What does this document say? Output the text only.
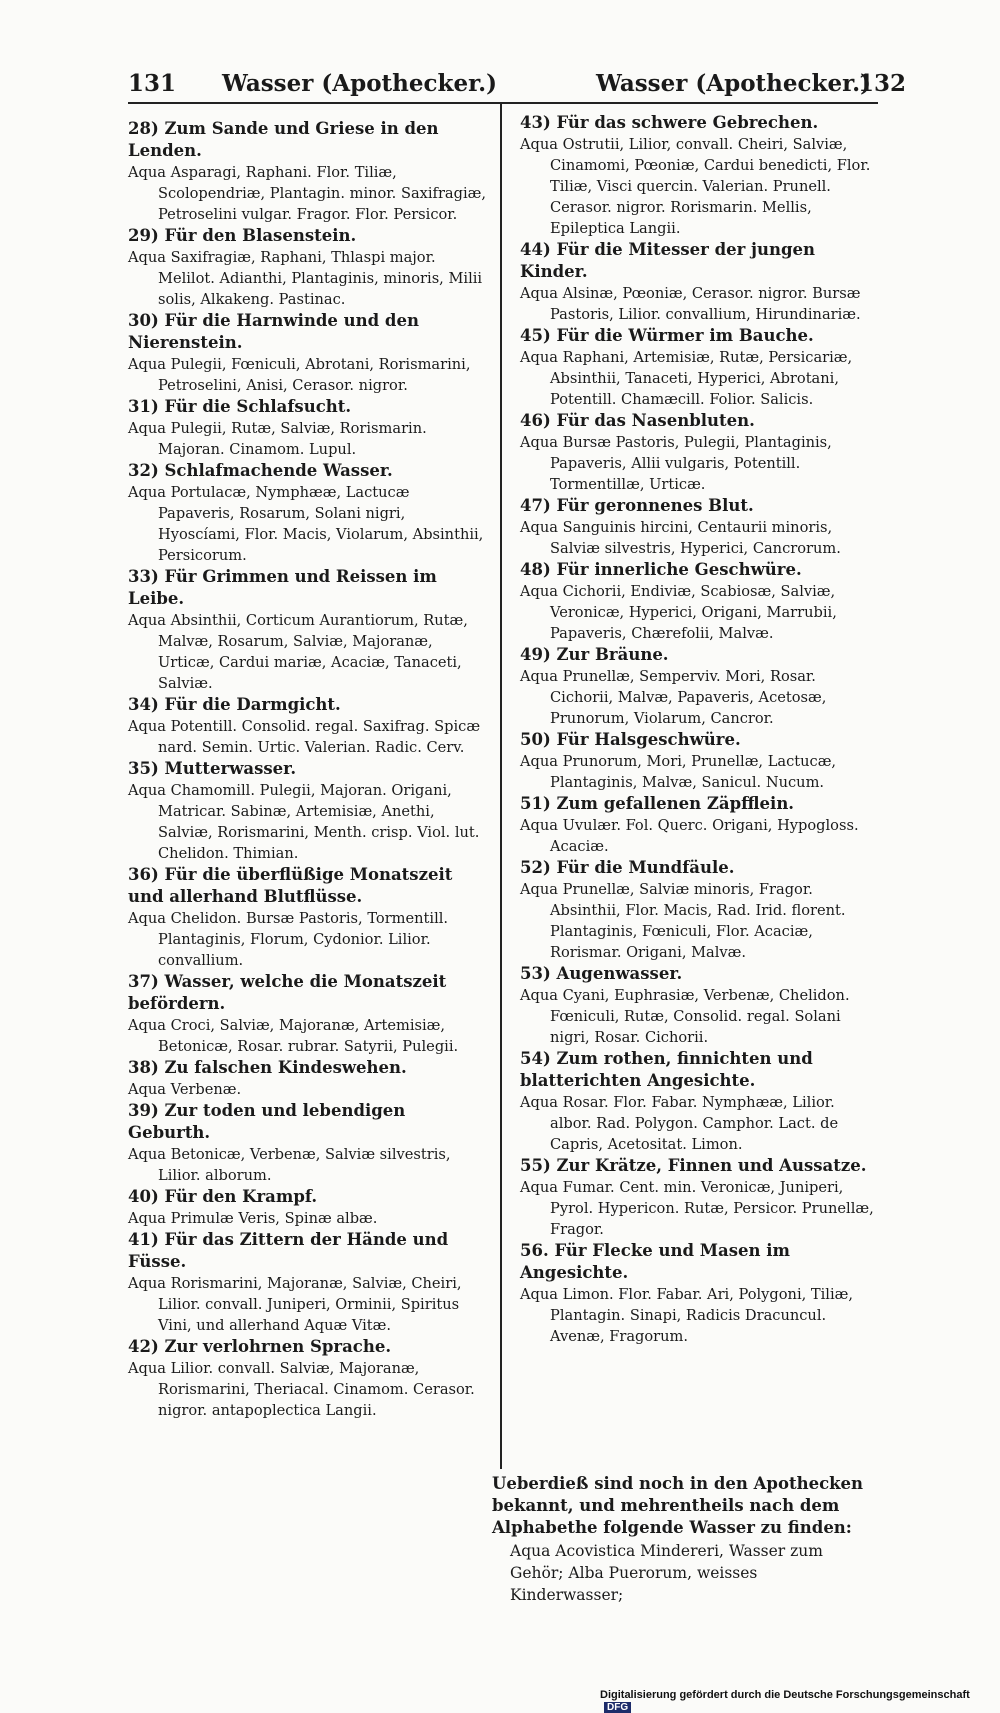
131 Wasser (Apothecker.)	Wasser (Apothecker.)
132
28) Zum Sande und Griese in den Lenden.
Aqua Asparagi, Raphani. Flor. Tiliæ, Scolopendriæ, Plantagin. minor. Saxifragiæ, Petroselini vulgar. Fragor. Flor. Persicor.
29) Für den Blasenstein.
Aqua Saxifragiæ, Raphani, Thlaspi major. Melilot. Adianthi, Plantaginis, minoris, Milii solis, Alkakeng. Pastinac.
30) Für die Harnwinde und den Nierenstein.
Aqua Pulegii, Fœniculi, Abrotani, Rorismarini, Petroselini, Anisi, Cerasor. nigror.
31) Für die Schlafsucht.
Aqua Pulegii, Rutæ, Salviæ, Rorismarin. Majoran. Cinamom. Lupul.
32) Schlafmachende Wasser.
Aqua Portulacæ, Nymphææ, Lactucæ Papaveris, Rosarum, Solani nigri, Hyoscíami, Flor. Macis, Violarum, Absinthii, Persicorum.
33) Für Grimmen und Reissen im Leibe.
Aqua Absinthii, Corticum Aurantiorum, Rutæ, Malvæ, Rosarum, Salviæ, Majoranæ, Urticæ, Cardui mariæ, Acaciæ, Tanaceti, Salviæ.
34) Für die Darmgicht.
Aqua Potentill. Consolid. regal. Saxifrag. Spicæ nard. Semin. Urtic. Valerian. Radic. Cerv.
35) Mutterwasser.
Aqua Chamomill. Pulegii, Majoran. Origani, Matricar. Sabinæ, Artemisiæ, Anethi, Salviæ, Rorismarini, Menth. crisp. Viol. lut. Chelidon. Thimian.
36) Für die überflüßige Monatszeit und allerhand Blutflüsse.
Aqua Chelidon. Bursæ Pastoris, Tormentill. Plantaginis, Florum, Cydonior. Lilior. convallium.
37) Wasser, welche die Monatszeit befördern.
Aqua Croci, Salviæ, Majoranæ, Artemisiæ, Betonicæ, Rosar. rubrar. Satyrii, Pulegii.
38) Zu falschen Kindeswehen.
Aqua Verbenæ.
39) Zur toden und lebendigen Geburth.
Aqua Betonicæ, Verbenæ, Salviæ silvestris, Lilior. alborum.
40) Für den Krampf.
Aqua Primulæ Veris, Spinæ albæ.
41) Für das Zittern der Hände und Füsse.
Aqua Rorismarini, Majoranæ, Salviæ, Cheiri, Lilior. convall. Juniperi, Orminii, Spiritus Vini, und allerhand Aquæ Vitæ.
42) Zur verlohrnen Sprache.
Aqua Lilior. convall. Salviæ, Majoranæ, Rorismarini, Theriacal. Cinamom. Cerasor. nigror. antapoplectica Langii.
43) Für das schwere Gebrechen.
Aqua Ostrutii, Lilior, convall. Cheiri, Salviæ, Cinamomi, Pœoniæ, Cardui benedicti, Flor. Tiliæ, Visci quercin. Valerian. Prunell. Cerasor. nigror. Rorismarin. Mellis, Epileptica Langii.
44) Für die Mitesser der jungen Kinder.
Aqua Alsinæ, Pœoniæ, Cerasor. nigror. Bursæ Pastoris, Lilior. convallium, Hirundinariæ.
45) Für die Würmer im Bauche.
Aqua Raphani, Artemisiæ, Rutæ, Persicariæ, Absinthii, Tanaceti, Hyperici, Abrotani, Potentill. Chamæcill. Folior. Salicis.
46) Für das Nasenbluten.
Aqua Bursæ Pastoris, Pulegii, Plantaginis, Papaveris, Allii vulgaris, Potentill. Tormentillæ, Urticæ.
47) Für geronnenes Blut.
Aqua Sanguinis hircini, Centaurii minoris, Salviæ silvestris, Hyperici, Cancrorum.
48) Für innerliche Geschwüre.
Aqua Cichorii, Endiviæ, Scabiosæ, Salviæ, Veronicæ, Hyperici, Origani, Marrubii, Papaveris, Chærefolii, Malvæ.
49) Zur Bräune.
Aqua Prunellæ, Semperviv. Mori, Rosar. Cichorii, Malvæ, Papaveris, Acetosæ, Prunorum, Violarum, Cancror.
50) Für Halsgeschwüre.
Aqua Prunorum, Mori, Prunellæ, Lactucæ, Plantaginis, Malvæ, Sanicul. Nucum.
51) Zum gefallenen Zäpfflein.
Aqua Uvulær. Fol. Querc. Origani, Hypogloss. Acaciæ.
52) Für die Mundfäule.
Aqua Prunellæ, Salviæ minoris, Fragor. Absinthii, Flor. Macis, Rad. Irid. florent. Plantaginis, Fœniculi, Flor. Acaciæ, Rorismar. Origani, Malvæ.
53) Augenwasser.
Aqua Cyani, Euphrasiæ, Verbenæ, Chelidon. Fœniculi, Rutæ, Consolid. regal. Solani nigri, Rosar. Cichorii.
54) Zum rothen, finnichten und blatterichten Angesichte.
Aqua Rosar. Flor. Fabar. Nymphææ, Lilior. albor. Rad. Polygon. Camphor. Lact. de Capris, Acetositat. Limon.
55) Zur Krätze, Finnen und Aussatze.
Aqua Fumar. Cent. min. Veronicæ, Juniperi, Pyrol. Hypericon. Rutæ, Persicor. Prunellæ, Fragor.
56. Für Flecke und Masen im Angesichte.
Aqua Limon. Flor. Fabar. Ari, Polygoni, Tiliæ, Plantagin. Sinapi, Radicis Dracuncul. Avenæ, Fragorum.
Ueberdieß sind noch in den Apothecken bekannt, und mehrentheils nach dem Alphabethe folgende Wasser zu finden:
Aqua Acovistica Mindereri, Wasser zum Gehör; Alba Puerorum, weisses Kinderwasser;
Digitalisierung gefördert durch die Deutsche ForschungsgemeinschaftDFG
